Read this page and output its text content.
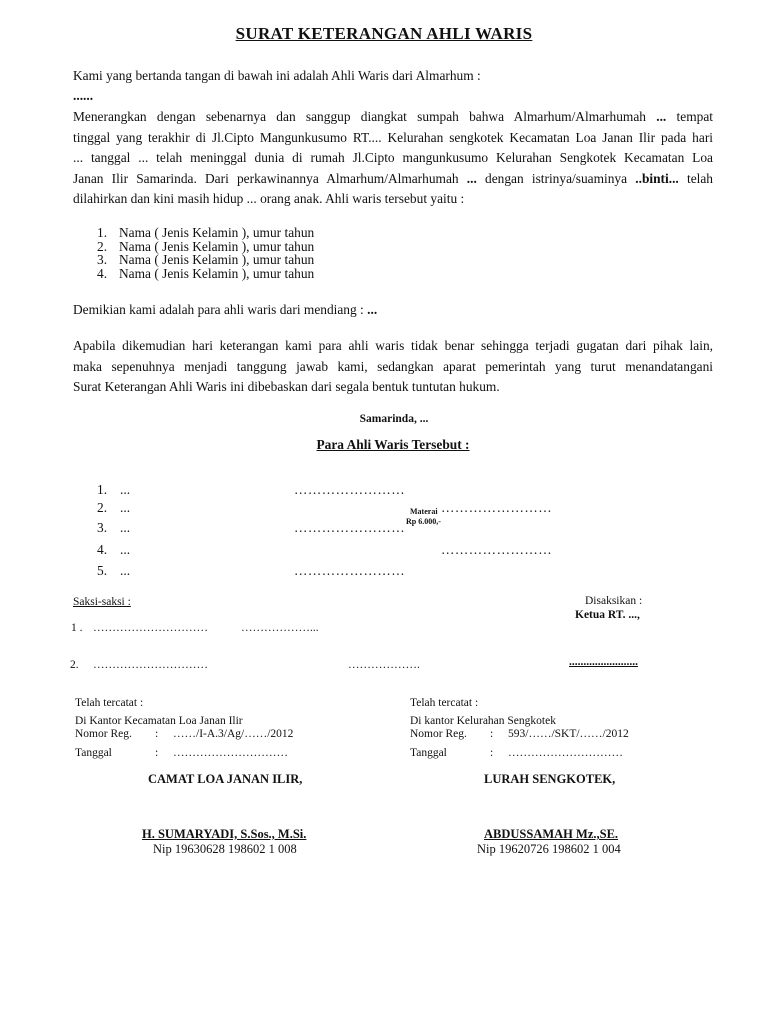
SURAT KETERANGAN AHLI WARIS
Kami yang bertanda tangan di bawah ini adalah Ahli Waris dari Almarhum :
......
Menerangkan dengan sebenarnya dan sanggup diangkat sumpah bahwa Almarhum/Almarhumah ... tempat
tinggal yang terakhir di Jl.Cipto Mangunkusumo RT.... Kelurahan sengkotek Kecamatan Loa Janan Ilir pada hari
... tanggal ... telah meninggal dunia di rumah Jl.Cipto mangunkusumo Kelurahan Sengkotek Kecamatan Loa
Janan Ilir Samarinda. Dari perkawinannya Almarhum/Almarhumah ... dengan istrinya/suaminya ..binti... telah
dilahirkan dan kini masih hidup ... orang anak. Ahli waris tersebut yaitu :
1. Nama ( Jenis Kelamin ), umur tahun
2. Nama ( Jenis Kelamin ), umur tahun
3. Nama ( Jenis Kelamin ), umur tahun
4. Nama ( Jenis Kelamin ), umur tahun
Demikian kami adalah para ahli waris dari mendiang : ...
Apabila dikemudian hari keterangan kami para ahli waris tidak benar sehingga terjadi gugatan dari pihak lain,
maka sepenuhnya menjadi tanggung jawab kami, sedangkan aparat pemerintah yang turut menandatangani
Surat Keterangan Ahli Waris ini dibebaskan dari segala bentuk tuntutan hukum.
Samarinda, ...
Para Ahli Waris Tersebut :
1. ...	……………………
2. ...	……………………
3. ...	……………………
4. ...	……………………
5. ...	……………………
Materai
Rp 6.000,-
Saksi-saksi :	Disaksikan :
Ketua RT. ...,
1 . …………………………	………………...
2. …………………………	……………….	........................
Telah tercatat :
Di Kantor Kecamatan Loa Janan Ilir
Nomor Reg. : ……/I-A.3/Ag/……/2012
Tanggal	: …………………………
CAMAT LOA JANAN ILIR,
H. SUMARYADI, S.Sos., M.Si.
Nip 19630628 198602 1 008
Telah tercatat :
Di kantor Kelurahan Sengkotek
Nomor Reg. : 593/……/SKT/……/2012
Tanggal	: …………………………
LURAH SENGKOTEK,
ABDUSSAMAH Mz.,SE.
Nip 19620726 198602 1 004
